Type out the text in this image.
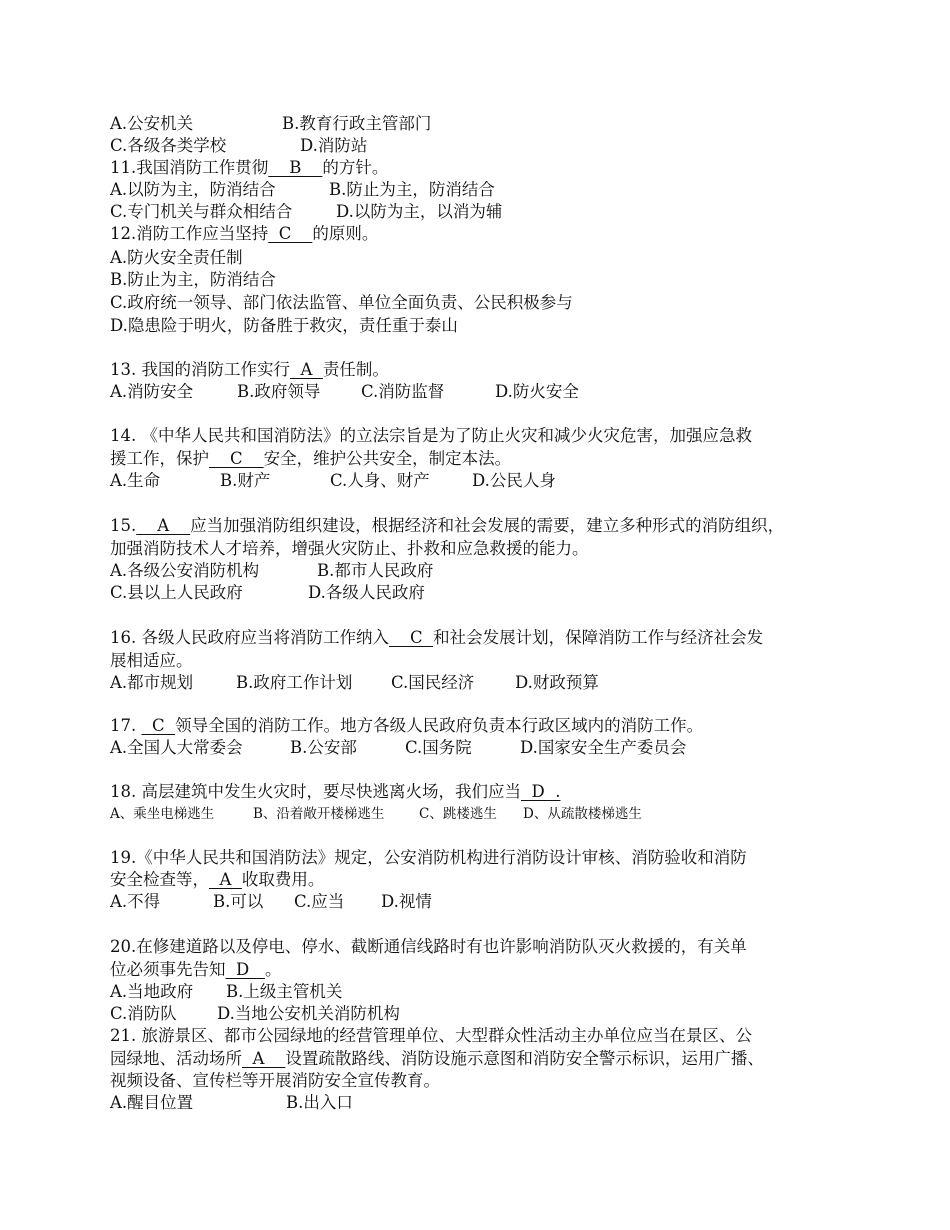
A.公安机关	B.教育行政主管部门
C.各级各类学校	D.消防站
11.我国消防工作贯彻    B    的方针。
A.以防为主，防消结合	B.防止为主，防消结合
C.专门机关与群众相结合	D.以防为主，以消为辅
12.消防工作应当坚持  C    的原则。
A.防火安全责任制
B.防止为主，防消结合
C.政府统一领导、部门依法监管、单位全面负责、公民积极参与
D.隐患险于明火，防备胜于救灾，责任重于泰山
13. 我国的消防工作实行  A  责任制。
A.消防安全	B.政府领导 C.消防监督	D.防火安全
14. 《中华人民共和国消防法》的立法宗旨是为了防止火灾和减少火灾危害，加强应急救
援工作，保护    C    安全，维护公共安全，制定本法。
A.生命	B.财产	C.人身、财产	D.公民人身
15.    A    应当加强消防组织建设，根据经济和社会发展的需要，建立多种形式的消防组织，
加强消防技术人才培养，增强火灾防止、扑救和应急救援的能力。
A.各级公安消防机构	B.都市人民政府
C.县以上人民政府	D.各级人民政府
16. 各级人民政府应当将消防工作纳入    C  和社会发展计划，保障消防工作与经济社会发
展相适应。
A.都市规划	B.政府工作计划 C.国民经济 D.财政预算
17.   C  领导全国的消防工作。地方各级人民政府负责本行政区域内的消防工作。
A.全国人大常委会	B.公安部	C.国务院	D.国家安全生产委员会
18. 高层建筑中发生火灾时，要尽快逃离火场，我们应当  D  .
A、乘坐电梯逃生	B、沿着敞开楼梯逃生	C、跳楼逃生 D、从疏散楼梯逃生
19.《中华人民共和国消防法》规定，公安消防机构进行消防设计审核、消防验收和消防
安全检查等，  A  收取费用。
A.不得	B.可以 C.应当 D.视情
20.在修建道路以及停电、停水、截断通信线路时有也许影响消防队灭火救援的，有关单
位必须事先告知  D   。
A.当地政府 B.上级主管机关
C.消防队 D.当地公安机关消防机构
21. 旅游景区、都市公园绿地的经营管理单位、大型群众性活动主办单位应当在景区、公
园绿地、活动场所  A    设置疏散路线、消防设施示意图和消防安全警示标识，运用广播、
视频设备、宣传栏等开展消防安全宣传教育。
A.醒目位置	B.出入口
